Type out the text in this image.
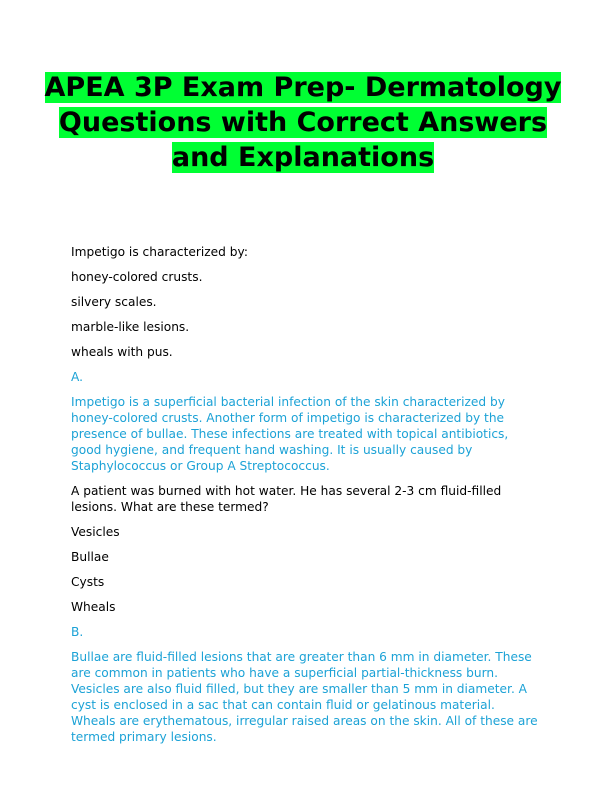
APEA 3P Exam Prep- Dermatology Questions with Correct Answers and Explanations

Impetigo is characterized by:

honey-colored crusts.

silvery scales.

marble-like lesions.

wheals with pus.

A.

Impetigo is a superficial bacterial infection of the skin characterized by honey-colored crusts. Another form of impetigo is characterized by the presence of bullae. These infections are treated with topical antibiotics, good hygiene, and frequent hand washing. It is usually caused by Staphylococcus or Group A Streptococcus.

A patient was burned with hot water. He has several 2-3 cm fluid-filled lesions. What are these termed?

Vesicles

Bullae

Cysts

Wheals

B.

Bullae are fluid-filled lesions that are greater than 6 mm in diameter. These are common in patients who have a superficial partial-thickness burn. Vesicles are also fluid filled, but they are smaller than 5 mm in diameter. A cyst is enclosed in a sac that can contain fluid or gelatinous material. Wheals are erythematous, irregular raised areas on the skin. All of these are termed primary lesions.
